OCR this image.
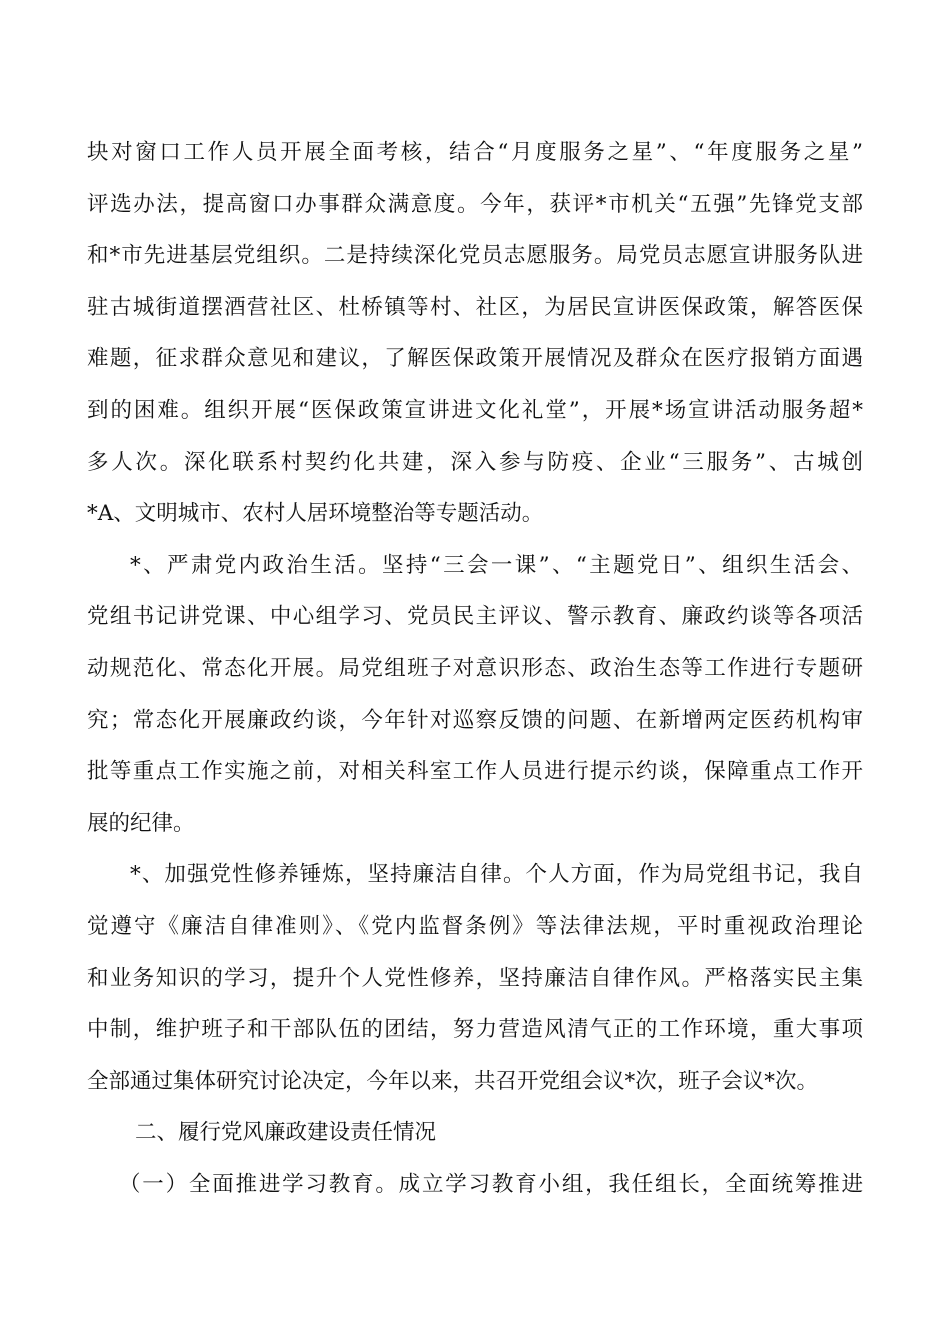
块对窗口工作人员开展全面考核，结合“月度服务之星”、“年度服务之星”
评选办法，提高窗口办事群众满意度。今年，获评*市机关“五强”先锋党支部
和*市先进基层党组织。二是持续深化党员志愿服务。局党员志愿宣讲服务队进
驻古城街道摆酒营社区、杜桥镇等村、社区，为居民宣讲医保政策，解答医保
难题，征求群众意见和建议，了解医保政策开展情况及群众在医疗报销方面遇
到的困难。组织开展“医保政策宣讲进文化礼堂”，开展*场宣讲活动服务超*
多人次。深化联系村契约化共建，深入参与防疫、企业“三服务”、古城创
*A、文明城市、农村人居环境整治等专题活动。
*、严肃党内政治生活。坚持“三会一课”、“主题党日”、组织生活会、
党组书记讲党课、中心组学习、党员民主评议、警示教育、廉政约谈等各项活
动规范化、常态化开展。局党组班子对意识形态、政治生态等工作进行专题研
究；常态化开展廉政约谈，今年针对巡察反馈的问题、在新增两定医药机构审
批等重点工作实施之前，对相关科室工作人员进行提示约谈，保障重点工作开
展的纪律。
*、加强党性修养锤炼，坚持廉洁自律。个人方面，作为局党组书记，我自
觉遵守《廉洁自律准则》、《党内监督条例》等法律法规，平时重视政治理论
和业务知识的学习，提升个人党性修养，坚持廉洁自律作风。严格落实民主集
中制，维护班子和干部队伍的团结，努力营造风清气正的工作环境，重大事项
全部通过集体研究讨论决定，今年以来，共召开党组会议*次，班子会议*次。
二、履行党风廉政建设责任情况
（一）全面推进学习教育。成立学习教育小组，我任组长，全面统筹推进
